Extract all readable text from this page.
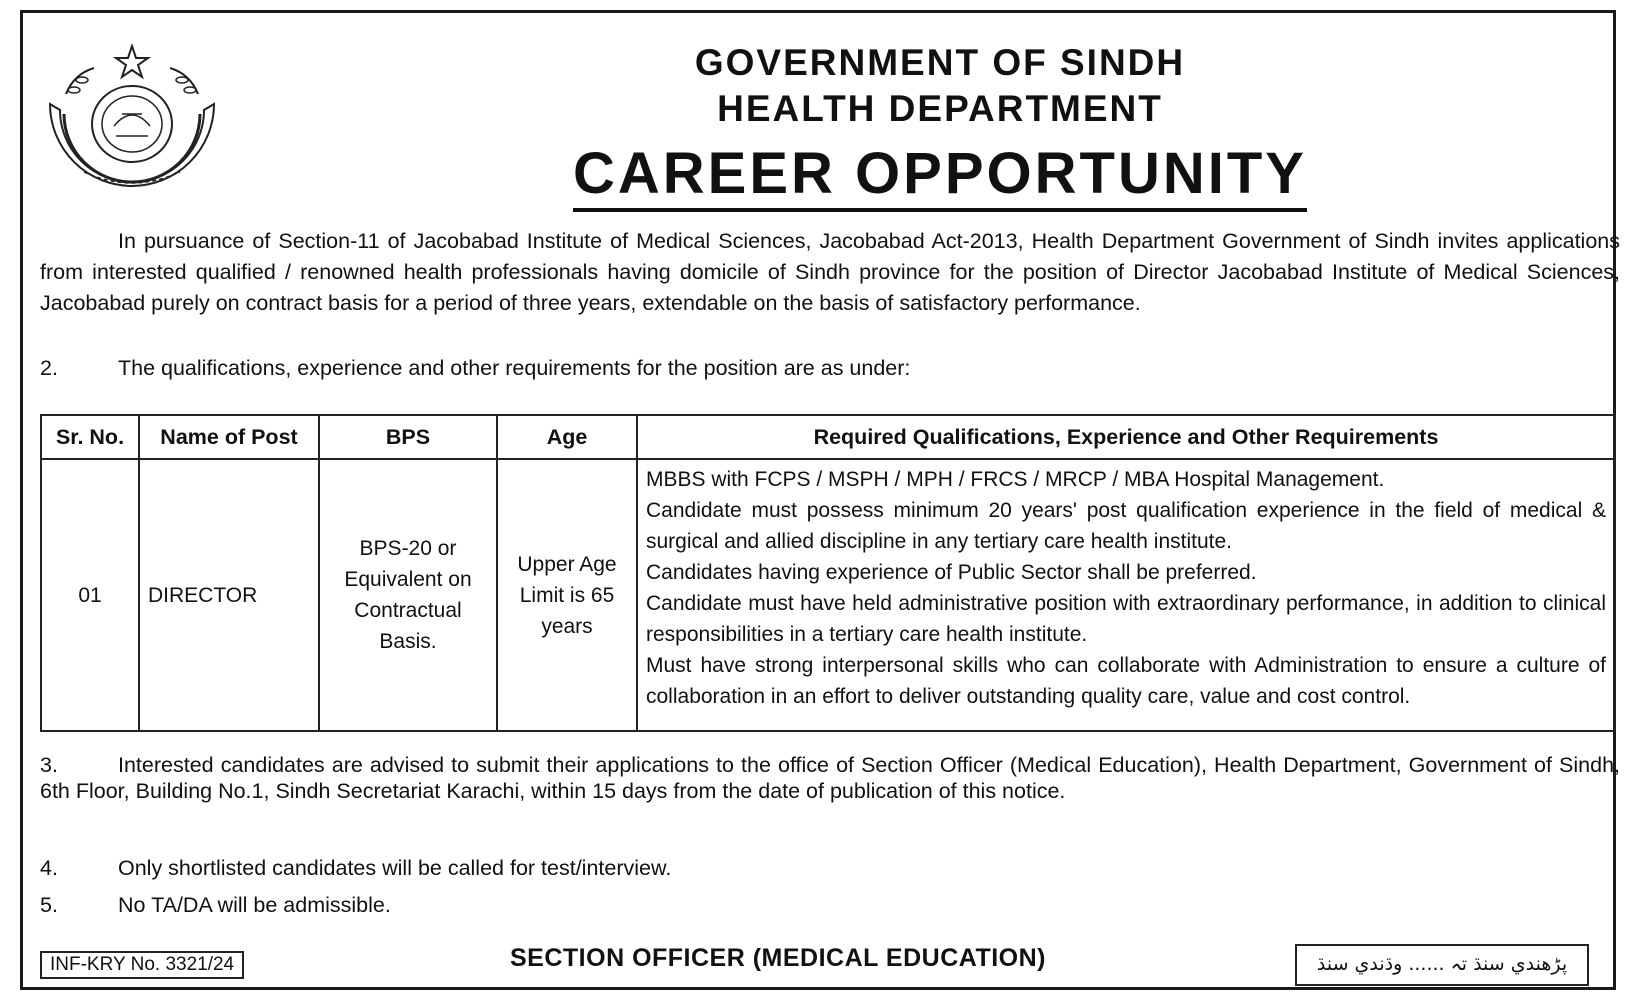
GOVERNMENT OF SINDH
HEALTH DEPARTMENT
CAREER OPPORTUNITY
In pursuance of Section-11 of Jacobabad Institute of Medical Sciences, Jacobabad Act-2013, Health Department Government of Sindh invites applications from interested qualified / renowned health professionals having domicile of Sindh province for the position of Director Jacobabad Institute of Medical Sciences, Jacobabad purely on contract basis for a period of three years, extendable on the basis of satisfactory performance.
2.	The qualifications, experience and other requirements for the position are as under:
Sr. No.	Name of Post	BPS	Age	Required Qualifications, Experience and Other Requirements
01	DIRECTOR	BPS-20 or Equivalent on Contractual Basis.	Upper Age Limit is 65 years	MBBS with FCPS / MSPH / MPH / FRCS / MRCP / MBA Hospital Management.
Candidate must possess minimum 20 years' post qualification experience in the field of medical & surgical and allied discipline in any tertiary care health institute.
Candidates having experience of Public Sector shall be preferred.
Candidate must have held administrative position with extraordinary performance, in addition to clinical responsibilities in a tertiary care health institute.
Must have strong interpersonal skills who can collaborate with Administration to ensure a culture of collaboration in an effort to deliver outstanding quality care, value and cost control.
3.	Interested candidates are advised to submit their applications to the office of Section Officer (Medical Education), Health Department, Government of Sindh, 6th Floor, Building No.1, Sindh Secretariat Karachi, within 15 days from the date of publication of this notice.
4.	Only shortlisted candidates will be called for test/interview.
5.	No TA/DA will be admissible.
INF-KRY No. 3321/24	SECTION OFFICER (MEDICAL EDUCATION)	پڑھندي سنڌ تہ ...... وڌندي سنڌ
